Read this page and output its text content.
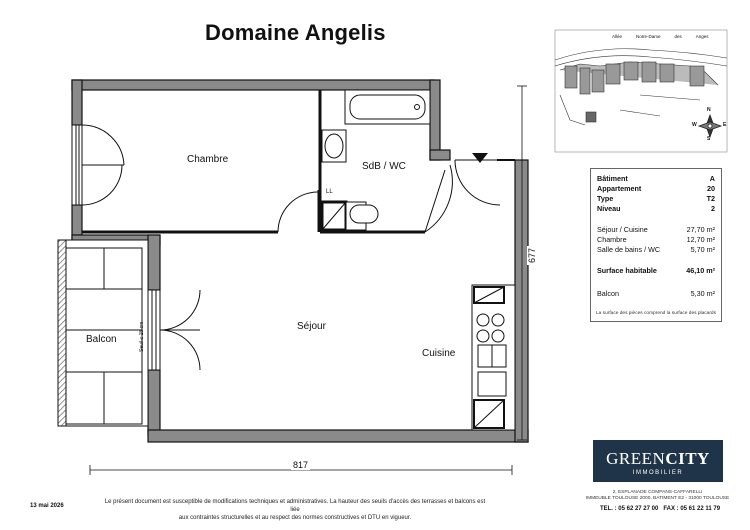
Domaine Angelis	Allée	Notre-Dame	des	Anges
N
E
S
W
Chambre
SdB / WC
LL
Séjour
Cuisine
Balcon	Seuil ≤ 15 cm
817
677
Bâtiment	A
Appartement	20
Type	T2
Niveau	2
Séjour / Cuisine	27,70 m²
Chambre	12,70 m²
Salle de bains / WC	5,70 m²
Surface habitable	46,10 m²
Balcon	5,30 m²
La surface des pièces comprend la surface des placards
GREENCITY
IMMOBILIER
2, ESPLANADE COMPANS-CAFFARELLI
IMMEUBLE TOULOUSE 2000, BATIMENT E2 - 31000 TOULOUSE
TEL. : 05 62 27 27 00 FAX : 05 61 22 11 79
13 mai 2026
Le présent document est susceptible de modifications techniques et administratives. La hauteur des seuils d'accès des terrasses et balcons est liée
aux contraintes structurelles et au respect des normes constructives et DTU en vigueur.
